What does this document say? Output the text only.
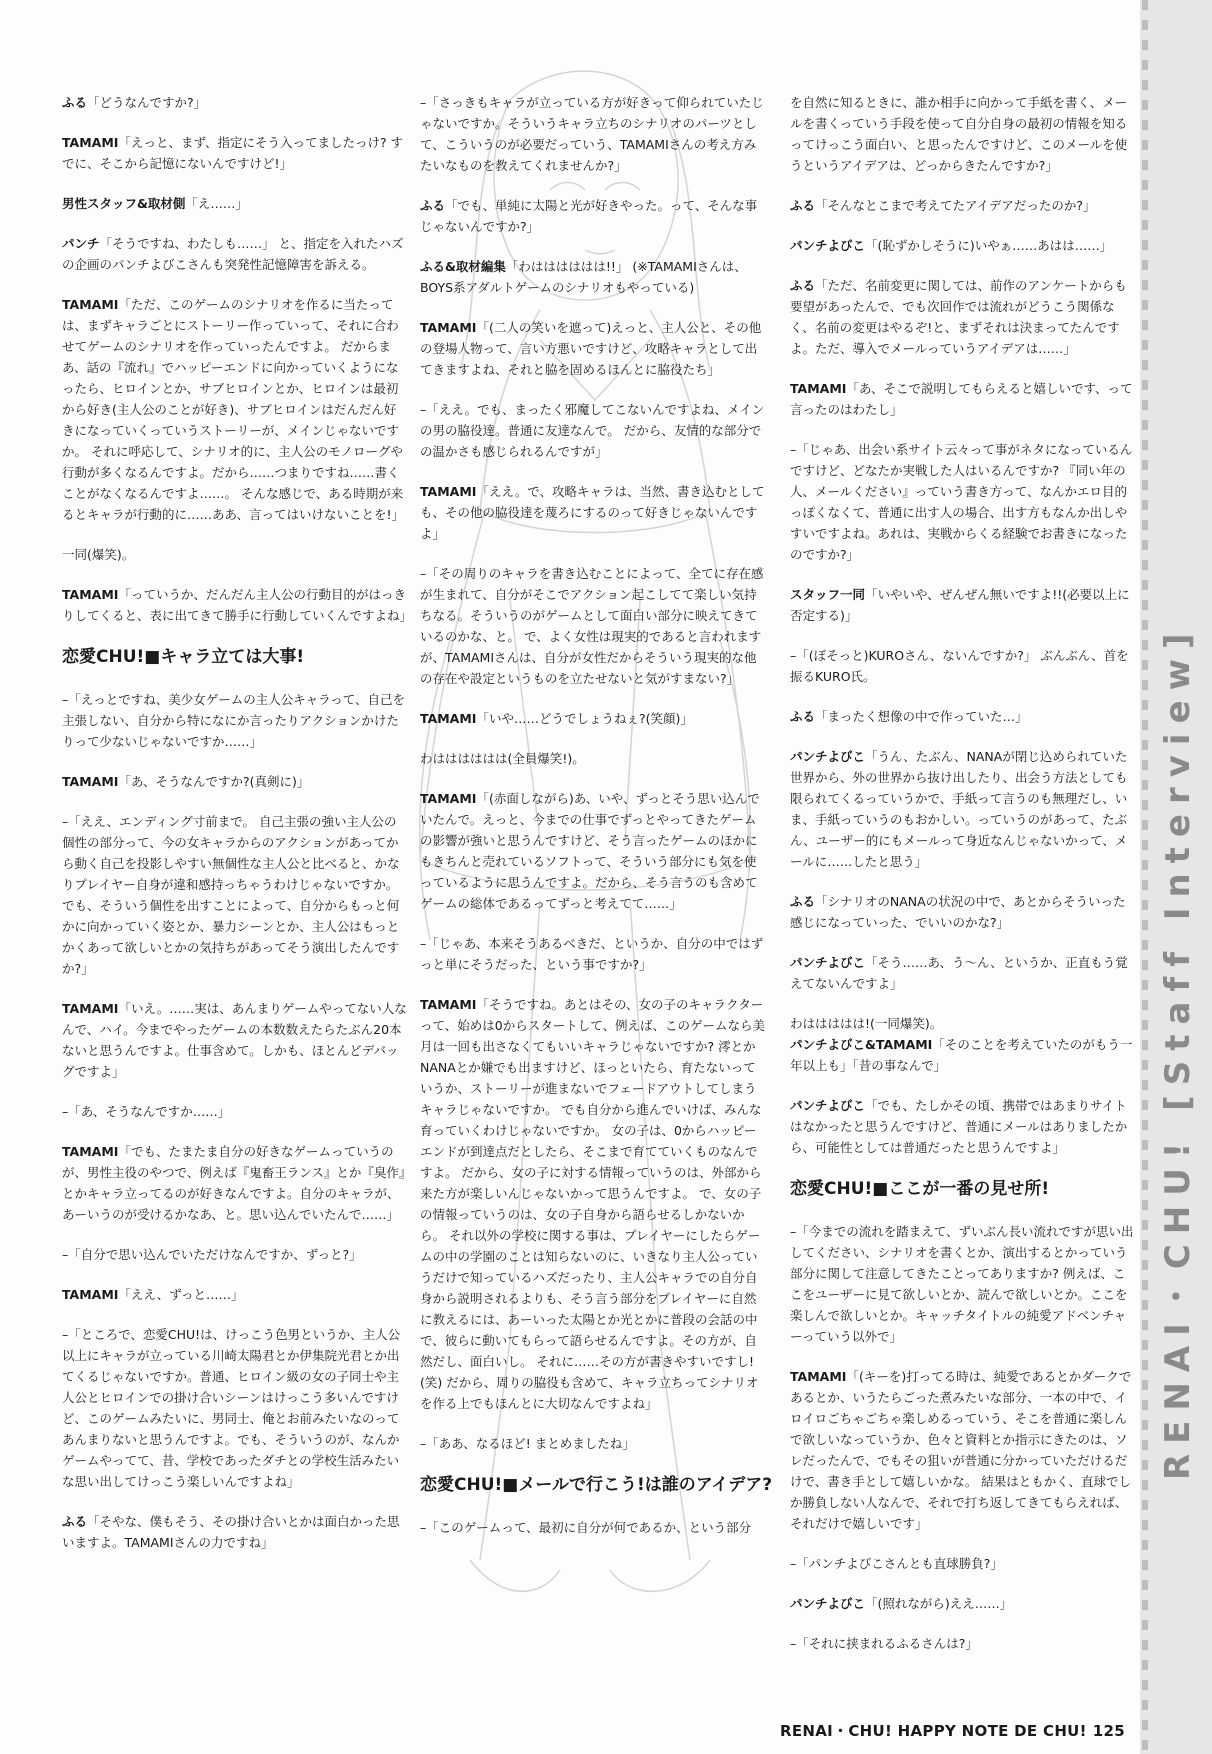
RENAI・CHU! [Staff Interview]

ふる「どうなんですか?」

TAMAMI「えっと、まず、指定にそう入ってましたっけ? すでに、そこから記憶にないんですけど!」

男性スタッフ&取材側「え……」

パンチ「そうですね、わたしも……」 と、指定を入れたハズの企画のパンチよびこさんも突発性記憶障害を訴える。

TAMAMI「ただ、このゲームのシナリオを作るに当たっては、まずキャラごとにストーリー作っていって、それに合わせてゲームのシナリオを作っていったんですよ。 だからまあ、話の『流れ』でハッピーエンドに向かっていくようになったら、ヒロインとか、サブヒロインとか、ヒロインは最初から好き(主人公のことが好き)、サブヒロインはだんだん好きになっていくっていうストーリーが、メインじゃないですか。 それに呼応して、シナリオ的に、主人公のモノローグや行動が多くなるんですよ。だから……つまりですね……書くことがなくなるんですよ……。 そんな感じで、ある時期が来るとキャラが行動的に……ああ、言ってはいけないことを!」

一同(爆笑)。

TAMAMI「っていうか、だんだん主人公の行動目的がはっきりしてくると、表に出てきて勝手に行動していくんですよね」

恋愛CHU!■キャラ立ては大事!

–「えっとですね、美少女ゲームの主人公キャラって、自己を主張しない、自分から特になにか言ったりアクションかけたりって少ないじゃないですか……」

TAMAMI「あ、そうなんですか?(真剣に)」

–「ええ、エンディング寸前まで。 自己主張の強い主人公の個性の部分って、今の女キャラからのアクションがあってから動く自己を投影しやすい無個性な主人公と比べると、かなりプレイヤー自身が違和感持っちゃうわけじゃないですか。 でも、そういう個性を出すことによって、自分からもっと何かに向かっていく姿とか、暴力シーンとか、主人公はもっとかくあって欲しいとかの気持ちがあってそう演出したんですか?」

TAMAMI「いえ。……実は、あんまりゲームやってない人なんで、ハイ。今までやったゲームの本数数えたらたぶん20本ないと思うんですよ。仕事含めて。しかも、ほとんどデバッグですよ」

–「あ、そうなんですか……」

TAMAMI「でも、たまたま自分の好きなゲームっていうのが、男性主役のやつで、例えば『鬼畜王ランス』とか『臭作』とかキャラ立ってるのが好きなんですよ。自分のキャラが、あーいうのが受けるかなあ、と。思い込んでいたんで……」

–「自分で思い込んでいただけなんですか、ずっと?」

TAMAMI「ええ、ずっと……」

–「ところで、恋愛CHU!は、けっこう色男というか、主人公以上にキャラが立っている川崎太陽君とか伊集院光君とか出てくるじゃないですか。普通、ヒロイン級の女の子同士や主人公とヒロインでの掛け合いシーンはけっこう多いんですけど、このゲームみたいに、男同士、俺とお前みたいなのってあんまりないと思うんですよ。でも、そういうのが、なんかゲームやってて、昔、学校であったダチとの学校生活みたいな思い出してけっこう楽しいんですよね」

ふる「そやな、僕もそう、その掛け合いとかは面白かった思いますよ。TAMAMIさんの力ですね」

–「さっきもキャラが立っている方が好きって仰られていたじゃないですか。そういうキャラ立ちのシナリオのパーツとして、こういうのが必要だっていう、TAMAMIさんの考え方みたいなものを教えてくれませんか?」

ふる「でも、単純に太陽と光が好きやった。って、そんな事じゃないんですか?」

ふる&取材編集「わはははははは!!」 (※TAMAMIさんは、BOYS系アダルトゲームのシナリオもやっている)

TAMAMI「(二人の笑いを遮って)えっと、主人公と、その他の登場人物って、言い方悪いですけど、攻略キャラとして出てきますよね、それと脇を固めるほんとに脇役たち」

–「ええ。でも、まったく邪魔してこないんですよね、メインの男の脇役達。普通に友達なんで。 だから、友情的な部分での温かさも感じられるんですが」

TAMAMI「ええ。で、攻略キャラは、当然、書き込むとしても、その他の脇役達を蔑ろにするのって好きじゃないんですよ」

–「その周りのキャラを書き込むことによって、全てに存在感が生まれて、自分がそこでアクション起こしてて楽しい気持ちなる。そういうのがゲームとして面白い部分に映えてきているのかな、と。 で、よく女性は現実的であると言われますが、TAMAMIさんは、自分が女性だからそういう現実的な他の存在や設定というものを立たせないと気がすまない?」

TAMAMI「いや……どうでしょうねぇ?(笑顔)」

わはははははは(全員爆笑!)。

TAMAMI「(赤面しながら)あ、いや、ずっとそう思い込んでいたんで。えっと、今までの仕事でずっとやってきたゲームの影響が強いと思うんですけど、そう言ったゲームのほかにもきちんと売れているソフトって、そういう部分にも気を使っているように思うんですよ。だから、そう言うのも含めてゲームの総体であるってずっと考えてて……」

–「じゃあ、本来そうあるべきだ、というか、自分の中ではずっと単にそうだった、という事ですか?」

TAMAMI「そうですね。あとはその、女の子のキャラクターって、始めは0からスタートして、例えば、このゲームなら美月は一回も出さなくてもいいキャラじゃないですか? 澪とかNANAとか嫌でも出ますけど、ほっといたら、育たないっていうか、ストーリーが進まないでフェードアウトしてしまうキャラじゃないですか。 でも自分から進んでいけば、みんな育っていくわけじゃないですか。 女の子は、0からハッピーエンドが到達点だとしたら、そこまで育てていくものなんですよ。 だから、女の子に対する情報っていうのは、外部から来た方が楽しいんじゃないかって思うんですよ。 で、女の子の情報っていうのは、女の子自身から語らせるしかないから。 それ以外の学校に関する事は、プレイヤーにしたらゲームの中の学園のことは知らないのに、いきなり主人公っていうだけで知っているハズだったり、主人公キャラでの自分自身から説明されるよりも、そう言う部分をプレイヤーに自然に教えるには、あーいった太陽とか光とかに普段の会話の中で、彼らに動いてもらって語らせるんですよ。その方が、自然だし、面白いし。 それに……その方が書きやすいですし!(笑) だから、周りの脇役も含めて、キャラ立ちってシナリオを作る上でもほんとに大切なんですよね」

–「ああ、なるほど! まとめましたね」

恋愛CHU!■メールで行こう!は誰のアイデア?

–「このゲームって、最初に自分が何であるか、という部分

を自然に知るときに、誰か相手に向かって手紙を書く、メールを書くっていう手段を使って自分自身の最初の情報を知るってけっこう面白い、と思ったんですけど、このメールを使うというアイデアは、どっからきたんですか?」

ふる「そんなとこまで考えてたアイデアだったのか?」

パンチよびこ「(恥ずかしそうに)いやぁ……あはは……」

ふる「ただ、名前変更に関しては、前作のアンケートからも要望があったんで、でも次回作では流れがどうこう関係なく、名前の変更はやるぞ!と、まずそれは決まってたんですよ。ただ、導入でメールっていうアイデアは……」

TAMAMI「あ、そこで説明してもらえると嬉しいです、って言ったのはわたし」

–「じゃあ、出会い系サイト云々って事がネタになっているんですけど、どなたか実戦した人はいるんですか? 『同い年の人、メールください』っていう書き方って、なんかエロ目的っぽくなくて、普通に出す人の場合、出す方もなんか出しやすいですよね。あれは、実戦からくる経験でお書きになったのですか?」

スタッフ一同「いやいや、ぜんぜん無いですよ!!(必要以上に否定する)」

–「(ぼそっと)KUROさん、ないんですか?」 ぶんぶん、首を振るKURO氏。

ふる「まったく想像の中で作っていた…」

パンチよびこ「うん、たぶん、NANAが閉じ込められていた世界から、外の世界から抜け出したり、出会う方法としても限られてくるっていうかで、手紙って言うのも無理だし、いま、手紙っていうのもおかしい。っていうのがあって、たぶん、ユーザー的にもメールって身近なんじゃないかって、メールに……したと思う」

ふる「シナリオのNANAの状況の中で、あとからそういった感じになっていった、でいいのかな?」

パンチよびこ「そう……あ、う〜ん、というか、正直もう覚えてないんですよ」

わははははは!(一同爆笑)。
パンチよびこ&TAMAMI「そのことを考えていたのがもう一年以上も」「昔の事なんで」

パンチよびこ「でも、たしかその頃、携帯ではあまりサイトはなかったと思うんですけど、普通にメールはありましたから、可能性としては普通だったと思うんですよ」

恋愛CHU!■ここが一番の見せ所!

–「今までの流れを踏まえて、ずいぶん長い流れですが思い出してください、シナリオを書くとか、演出するとかっていう部分に関して注意してきたことってありますか? 例えば、ここをユーザーに見て欲しいとか、読んで欲しいとか。ここを楽しんで欲しいとか。キャッチタイトルの純愛アドベンチャーっていう以外で」

TAMAMI「(キーを)打ってる時は、純愛であるとかダークであるとか、いうたらごった煮みたいな部分、一本の中で、イロイロごちゃごちゃ楽しめるっていう、そこを普通に楽しんで欲しいなっていうか、色々と資料とか指示にきたのは、ソレだったんで、でもその狙いが普通に分かっていただけるだけで、書き手として嬉しいかな。 結果はともかく、直球でしか勝負しない人なんで、それで打ち返してきてもらえれば、それだけで嬉しいです」

–「パンチよびこさんとも直球勝負?」

パンチよびこ「(照れながら)ええ……」

–「それに挟まれるふるさんは?」

RENAI・CHU! HAPPY NOTE DE CHU! 125
